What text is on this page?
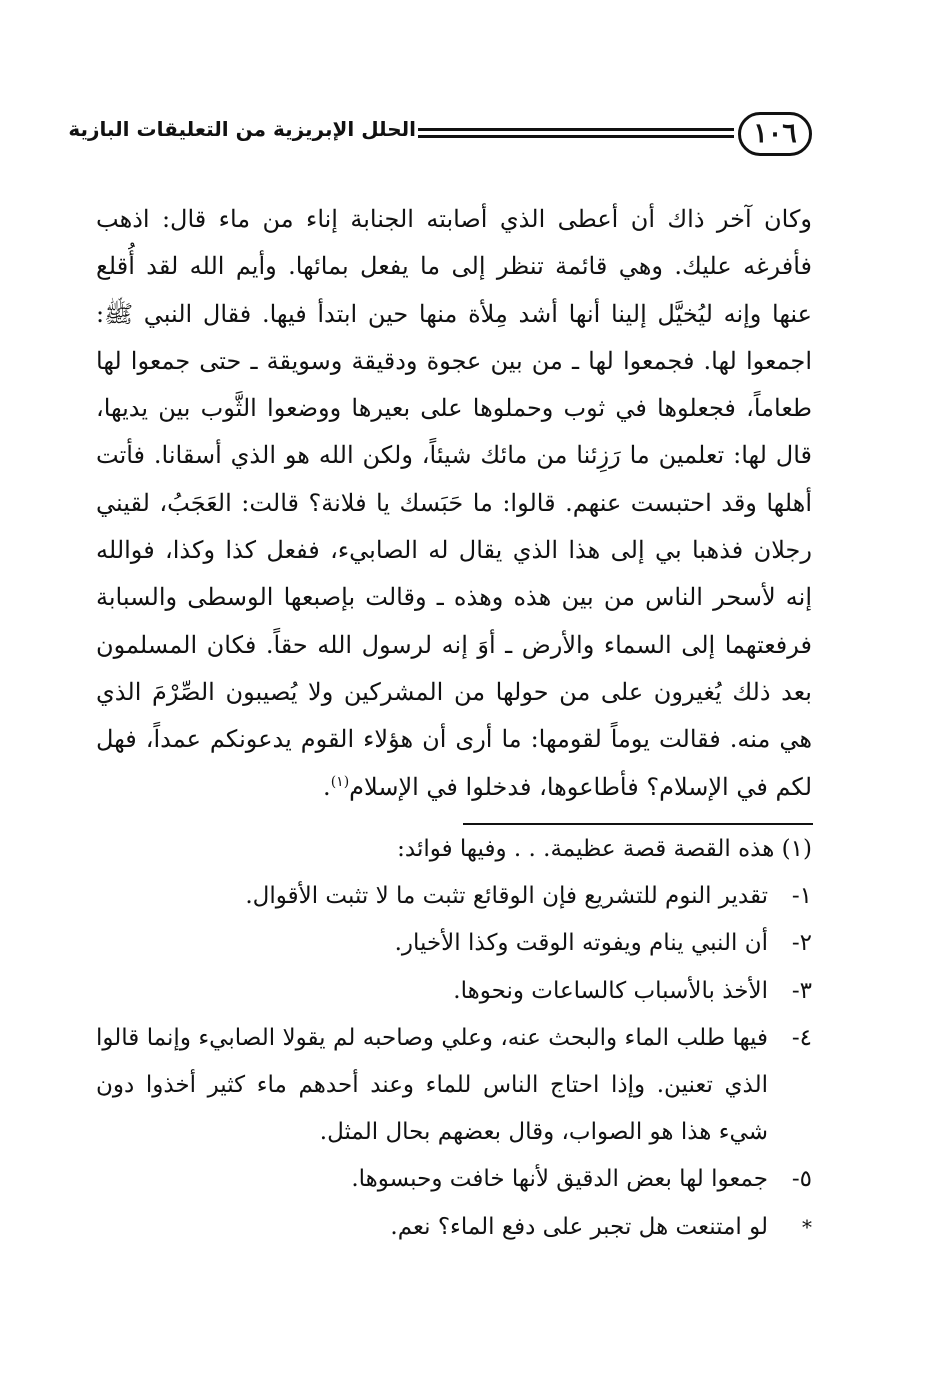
١٠٦
الحلل الإبريزية من التعليقات البازية

وكان آخر ذاك أن أعطى الذي أصابته الجنابة إناء من ماء قال: اذهب فأفرغه عليك. وهي قائمة تنظر إلى ما يفعل بمائها. وأيم الله لقد أُقلع عنها وإنه ليُخيَّل إلينا أنها أشد مِلأة منها حين ابتدأ فيها. فقال النبي ﷺ: اجمعوا لها. فجمعوا لها ـ من بين عجوة ودقيقة وسويقة ـ حتى جمعوا لها طعاماً، فجعلوها في ثوب وحملوها على بعيرها ووضعوا الثَّوب بين يديها، قال لها: تعلمين ما رَزِئنا من مائك شيئاً، ولكن الله هو الذي أسقانا. فأتت أهلها وقد احتبست عنهم. قالوا: ما حَبَسك يا فلانة؟ قالت: العَجَبُ، لقيني رجلان فذهبا بي إلى هذا الذي يقال له الصابيء، ففعل كذا وكذا، فوالله إنه لأسحر الناس من بين هذه وهذه ـ وقالت بإصبعها الوسطى والسبابة فرفعتهما إلى السماء والأرض ـ أوَ إنه لرسول الله حقاً. فكان المسلمون بعد ذلك يُغيرون على من حولها من المشركين ولا يُصيبون الصِّرْمَ الذي هي منه. فقالت يوماً لقومها: ما أرى أن هؤلاء القوم يدعونكم عمداً، فهل لكم في الإسلام؟ فأطاعوها، فدخلوا في الإسلام$^{(١)}$.

(١) هذه القصة قصة عظيمة. . . وفيها فوائد:
١-
تقدير النوم للتشريع فإن الوقائع تثبت ما لا تثبت الأقوال.
٢-
أن النبي ينام ويفوته الوقت وكذا الأخيار.
٣-
الأخذ بالأسباب كالساعات ونحوها.
٤-
فيها طلب الماء والبحث عنه، وعلي وصاحبه لم يقولا الصابيء وإنما قالوا الذي تعنين. وإذا احتاج الناس للماء وعند أحدهم ماء كثير أخذوا دون شيء هذا هو الصواب، وقال بعضهم بحال المثل.
٥-
جمعوا لها بعض الدقيق لأنها خافت وحبسوها.
*
لو امتنعت هل تجبر على دفع الماء؟ نعم.
